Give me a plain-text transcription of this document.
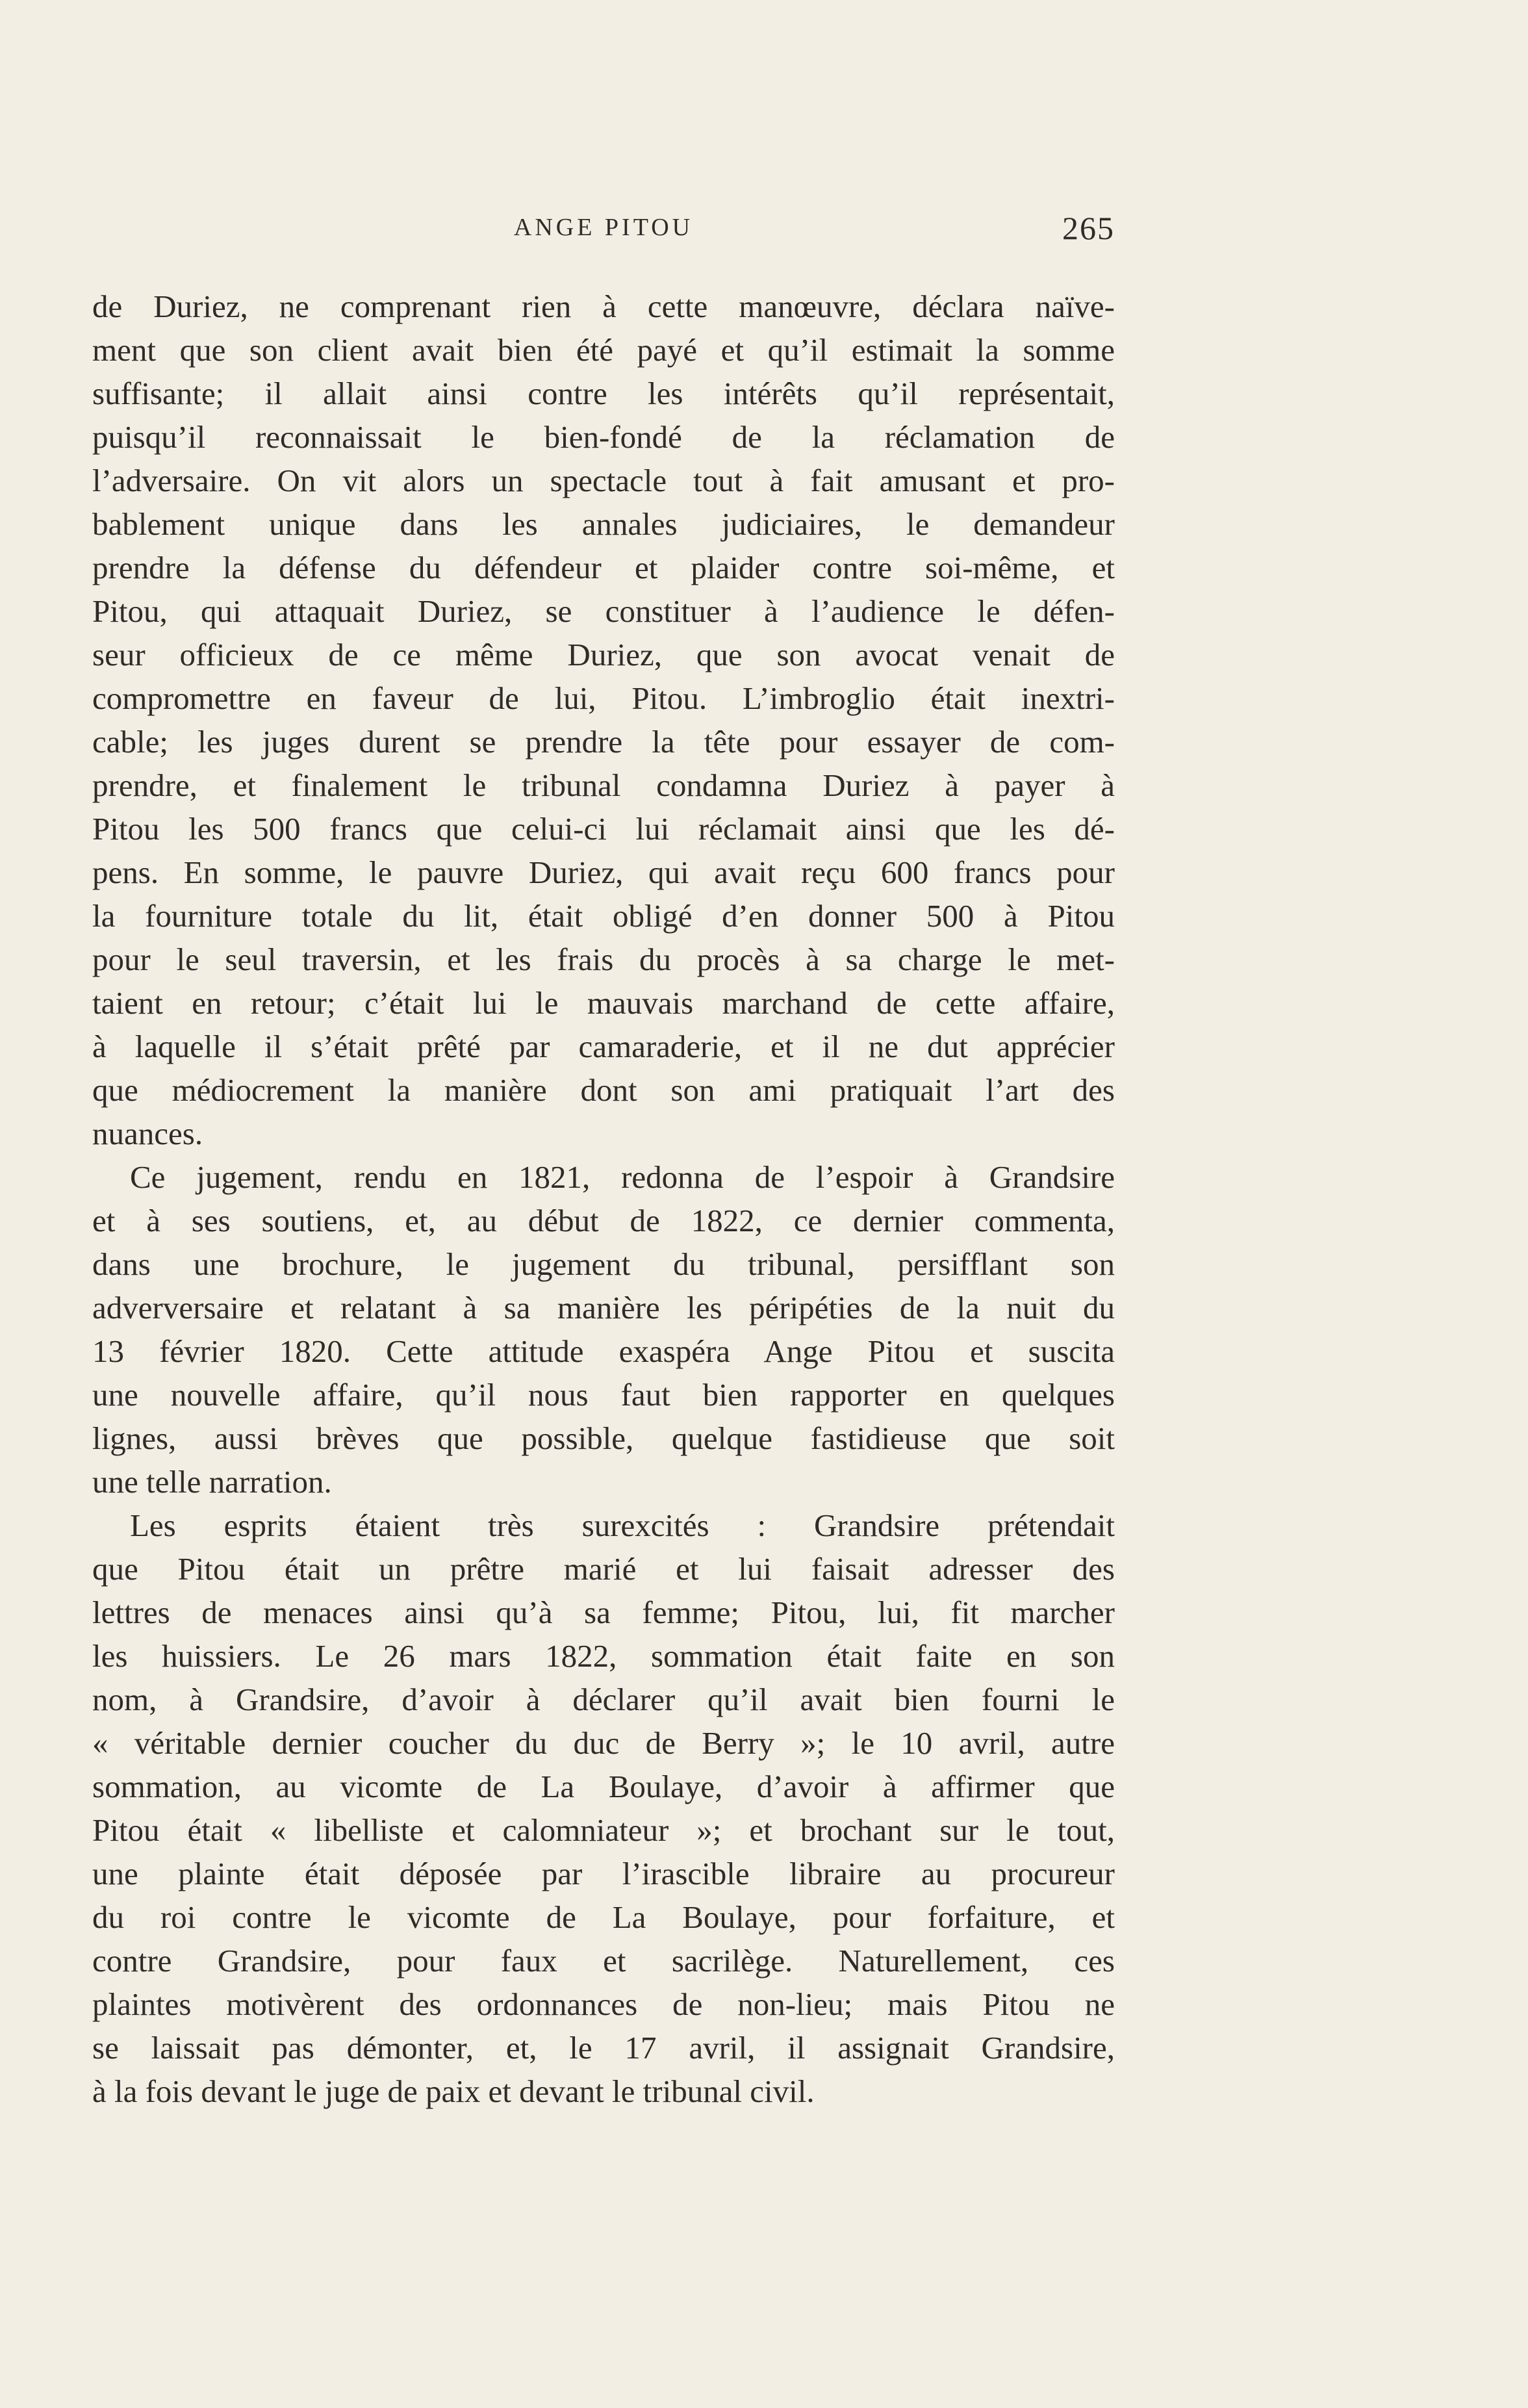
ANGE PITOU	265
de Duriez, ne comprenant rien à cette manœuvre, déclara naïve-
ment que son client avait bien été payé et qu’il estimait la somme
suffisante; il allait ainsi contre les intérêts qu’il représentait,
puisqu’il reconnaissait le bien-fondé de la réclamation de
l’adversaire. On vit alors un spectacle tout à fait amusant et pro-
bablement unique dans les annales judiciaires, le demandeur
prendre la défense du défendeur et plaider contre soi-même, et
Pitou, qui attaquait Duriez, se constituer à l’audience le défen-
seur officieux de ce même Duriez, que son avocat venait de
compromettre en faveur de lui, Pitou. L’imbroglio était inextri-
cable; les juges durent se prendre la tête pour essayer de com-
prendre, et finalement le tribunal condamna Duriez à payer à
Pitou les 500 francs que celui-ci lui réclamait ainsi que les dé-
pens. En somme, le pauvre Duriez, qui avait reçu 600 francs pour
la fourniture totale du lit, était obligé d’en donner 500 à Pitou
pour le seul traversin, et les frais du procès à sa charge le met-
taient en retour; c’était lui le mauvais marchand de cette affaire,
à laquelle il s’était prêté par camaraderie, et il ne dut apprécier
que médiocrement la manière dont son ami pratiquait l’art des
nuances.
Ce jugement, rendu en 1821, redonna de l’espoir à Grandsire
et à ses soutiens, et, au début de 1822, ce dernier commenta,
dans une brochure, le jugement du tribunal, persifflant son
adverversaire et relatant à sa manière les péripéties de la nuit du
13 février 1820. Cette attitude exaspéra Ange Pitou et suscita
une nouvelle affaire, qu’il nous faut bien rapporter en quelques
lignes, aussi brèves que possible, quelque fastidieuse que soit
une telle narration.
Les esprits étaient très surexcités : Grandsire prétendait
que Pitou était un prêtre marié et lui faisait adresser des
lettres de menaces ainsi qu’à sa femme; Pitou, lui, fit marcher
les huissiers. Le 26 mars 1822, sommation était faite en son
nom, à Grandsire, d’avoir à déclarer qu’il avait bien fourni le
« véritable dernier coucher du duc de Berry »; le 10 avril, autre
sommation, au vicomte de La Boulaye, d’avoir à affirmer que
Pitou était « libelliste et calomniateur »; et brochant sur le tout,
une plainte était déposée par l’irascible libraire au procureur
du roi contre le vicomte de La Boulaye, pour forfaiture, et
contre Grandsire, pour faux et sacrilège. Naturellement, ces
plaintes motivèrent des ordonnances de non-lieu; mais Pitou ne
se laissait pas démonter, et, le 17 avril, il assignait Grandsire,
à la fois devant le juge de paix et devant le tribunal civil.
